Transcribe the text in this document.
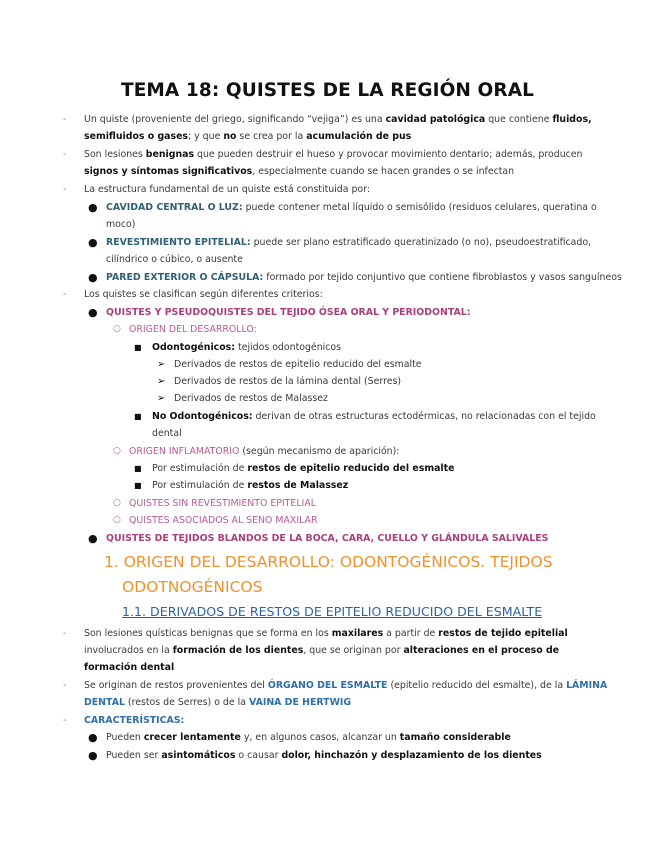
TEMA 18: QUISTES DE LA REGIÓN ORAL
- Un quiste (proveniente del griego, significando “vejiga”) es una cavidad patológica que contiene fluidos,

semifluidos o gases; y que no se crea por la acumulación de pus

- Son lesiones benignas que pueden destruir el hueso y provocar movimiento dentario; además, producen

signos y síntomas significativos, especialmente cuando se hacen grandes o se infectan

- La estructura fundamental de un quiste está constituida por:

● CAVIDAD CENTRAL O LUZ: puede contener metal líquido o semisólido (residuos celulares, queratina o

moco)

● REVESTIMIENTO EPITELIAL: puede ser plano estratificado queratinizado (o no), pseudoestratificado,

cilíndrico o cúbico, o ausente

● PARED EXTERIOR O CÁPSULA: formado por tejido conjuntivo que contiene fibroblastos y vasos sanguíneos

- Los quistes se clasifican según diferentes criterios:

● QUISTES Y PSEUDOQUISTES DEL TEJIDO ÓSEA ORAL Y PERIODONTAL:

○ ORIGEN DEL DESARROLLO:

■ Odontogénicos: tejidos odontogénicos

➢ Derivados de restos de epitelio reducido del esmalte

➢ Derivados de restos de la lámina dental (Serres)

➢ Derivados de restos de Malassez

■ No Odontogénicos: derivan de otras estructuras ectodérmicas, no relacionadas con el tejido

dental

○ ORIGEN INFLAMATORIO (según mecanismo de aparición):

■ Por estimulación de restos de epitelio reducido del esmalte

■ Por estimulación de restos de Malassez

○ QUISTES SIN REVESTIMIENTO EPITELIAL

○ QUISTES ASOCIADOS AL SENO MAXILAR

● QUISTES DE TEJIDOS BLANDOS DE LA BOCA, CARA, CUELLO Y GLÁNDULA SALIVALES

1. ORIGEN DEL DESARROLLO: ODONTOGÉNICOS. TEJIDOS

ODOTNOGÉNICOS

1.1. DERIVADOS DE RESTOS DE EPITELIO REDUCIDO DEL ESMALTE

- Son lesiones quísticas benignas que se forma en los maxilares a partir de restos de tejido epitelial

involucrados en la formación de los dientes, que se originan por alteraciones en el proceso de

formación dental

- Se originan de restos provenientes del ÓRGANO DEL ESMALTE (epitelio reducido del esmalte), de la LÁMINA

DENTAL (restos de Serres) o de la VAINA DE HERTWIG

- CARACTERÍSTICAS:

● Pueden crecer lentamente y, en algunos casos, alcanzar un tamaño considerable

● Pueden ser asintomáticos o causar dolor, hinchazón y desplazamiento de los dientes
